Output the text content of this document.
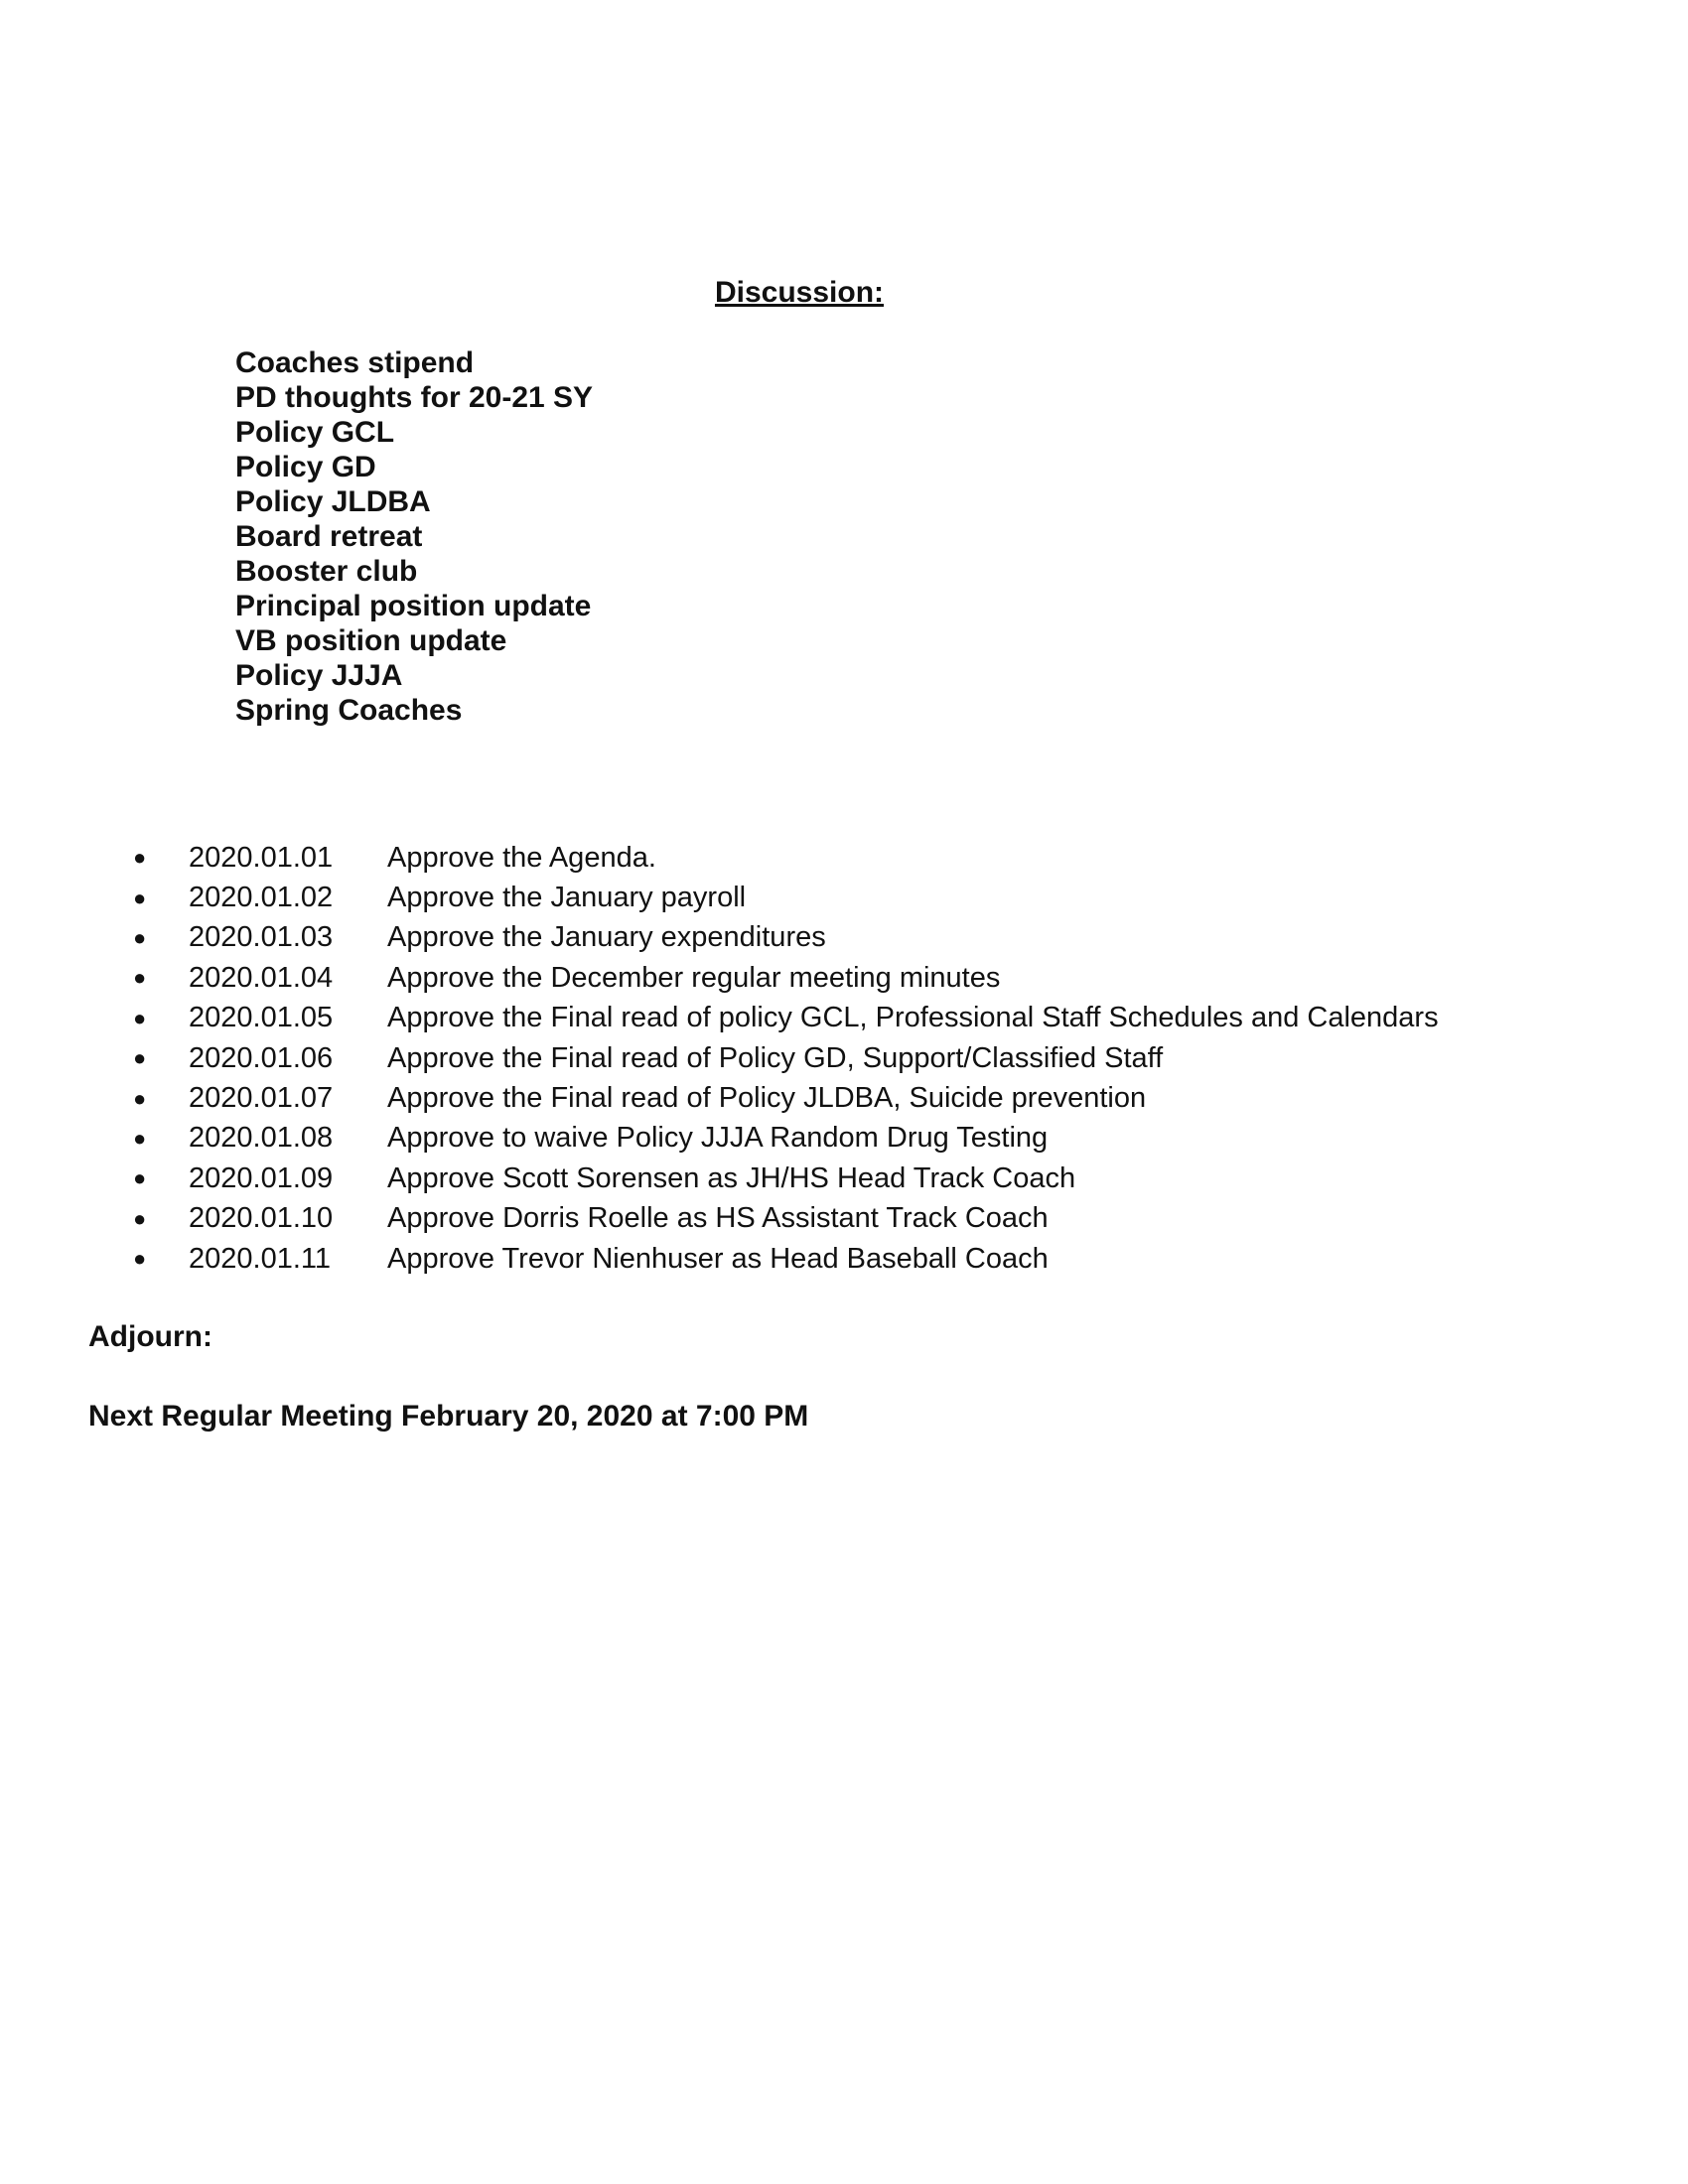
Discussion:
Coaches stipend
PD thoughts for 20-21 SY
Policy GCL
Policy GD
Policy JLDBA
Board retreat
Booster club
Principal position update
VB position update
Policy JJJA
Spring Coaches
●	2020.01.01	Approve the Agenda.
●	2020.01.02	Approve the January payroll
●	2020.01.03	Approve the January expenditures
●	2020.01.04	Approve the December regular meeting minutes
●	2020.01.05	Approve the Final read of policy GCL, Professional Staff Schedules and Calendars
●	2020.01.06	Approve the Final read of Policy GD, Support/Classified Staff
●	2020.01.07	Approve the Final read of Policy JLDBA, Suicide prevention
●	2020.01.08	Approve to waive Policy JJJA Random Drug Testing
●	2020.01.09	Approve Scott Sorensen as JH/HS Head Track Coach
●	2020.01.10	Approve Dorris Roelle as HS Assistant Track Coach
●	2020.01.11	Approve Trevor Nienhuser as Head Baseball Coach

Adjourn:

Next Regular Meeting February 20, 2020 at 7:00 PM
